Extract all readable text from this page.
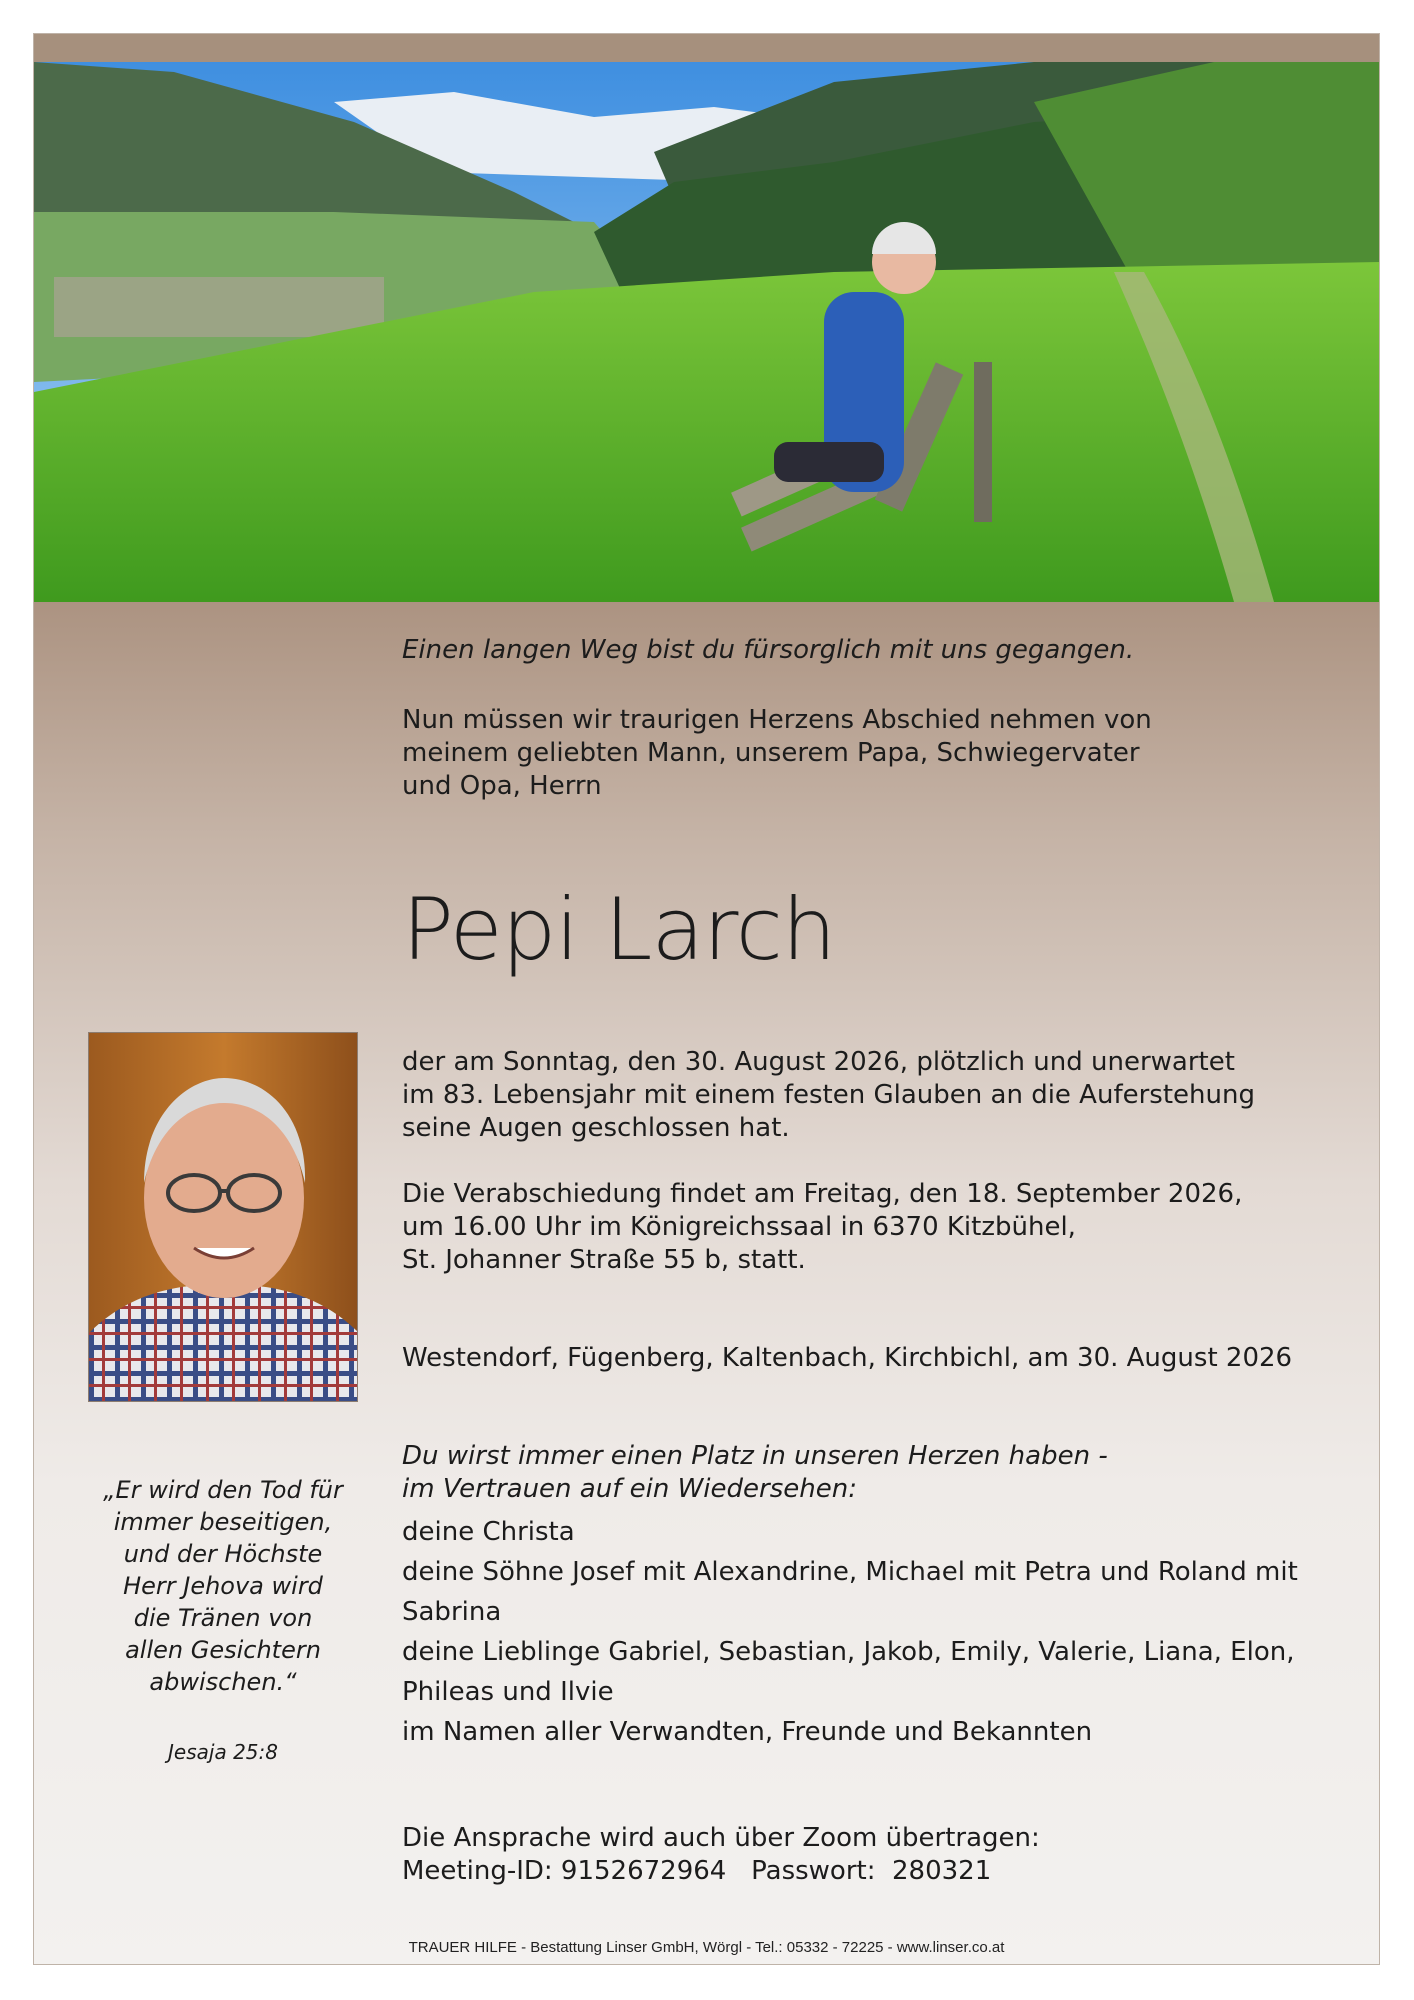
Einen langen Weg bist du fürsorglich mit uns gegangen.
Nun müssen wir traurigen Herzens Abschied nehmen von
meinem geliebten Mann, unserem Papa, Schwiegervater
und Opa, Herrn
Pepi Larch
der am Sonntag, den 30. August 2026, plötzlich und unerwartet
im 83. Lebensjahr mit einem festen Glauben an die Auferstehung
seine Augen geschlossen hat.
Die Verabschiedung findet am Freitag, den 18. September 2026,
um 16.00 Uhr im Königreichssaal in 6370 Kitzbühel,
St. Johanner Straße 55 b, statt.
Westendorf, Fügenberg, Kaltenbach, Kirchbichl, am 30. August 2026
Du wirst immer einen Platz in unseren Herzen haben -
im Vertrauen auf ein Wiedersehen:
deine Christa
deine Söhne Josef mit Alexandrine, Michael mit Petra und Roland mit Sabrina
deine Lieblinge Gabriel, Sebastian, Jakob, Emily, Valerie, Liana, Elon,
Phileas und Ilvie
im Namen aller Verwandten, Freunde und Bekannten
Die Ansprache wird auch über Zoom übertragen:
Meeting-ID: 9152672964   Passwort:  280321
„Er wird den Tod für
immer beseitigen,
und der Höchste
Herr Jehova wird
die Tränen von
allen Gesichtern
abwischen.“
Jesaja 25:8
TRAUER HILFE - Bestattung Linser GmbH, Wörgl - Tel.: 05332 - 72225 - www.linser.co.at
